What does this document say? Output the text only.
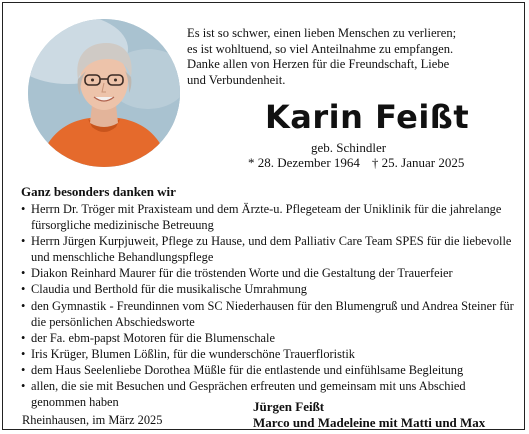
Es ist so schwer, einen lieben Menschen zu verlieren;
es ist wohltuend, so viel Anteilnahme zu empfangen.
Danke allen von Herzen für die Freundschaft, Liebe
und Verbundenheit.
Karin Feißt
geb. Schindler
* 28. Dezember 1964 † 25. Januar 2025
Ganz besonders danken wir
• Herrn Dr. Tröger mit Praxisteam und dem Ärzte-u. Pflegeteam der Uniklinik für die jahrelange fürsorgliche medizinische Betreuung
• Herrn Jürgen Kurpjuweit, Pflege zu Hause, und dem Palliativ Care Team SPES für die liebevolle und menschliche Behandlungspflege
• Diakon Reinhard Maurer für die tröstenden Worte und die Gestaltung der Trauerfeier
• Claudia und Berthold für die musikalische Umrahmung
• den Gymnastik - Freundinnen vom SC Niederhausen für den Blumengruß und Andrea Steiner für die persönlichen Abschiedsworte
• der Fa. ebm-papst Motoren für die Blumenschale
• Iris Krüger, Blumen Lößlin, für die wunderschöne Trauerfloristik
• dem Haus Seelenliebe Dorothea Müßle für die entlastende und einfühlsame Begleitung
• allen, die sie mit Besuchen und Gesprächen erfreuten und gemeinsam mit uns Abschied genommen haben
Rheinhausen, im März 2025
Jürgen Feißt
Marco und Madeleine mit Matti und Max
